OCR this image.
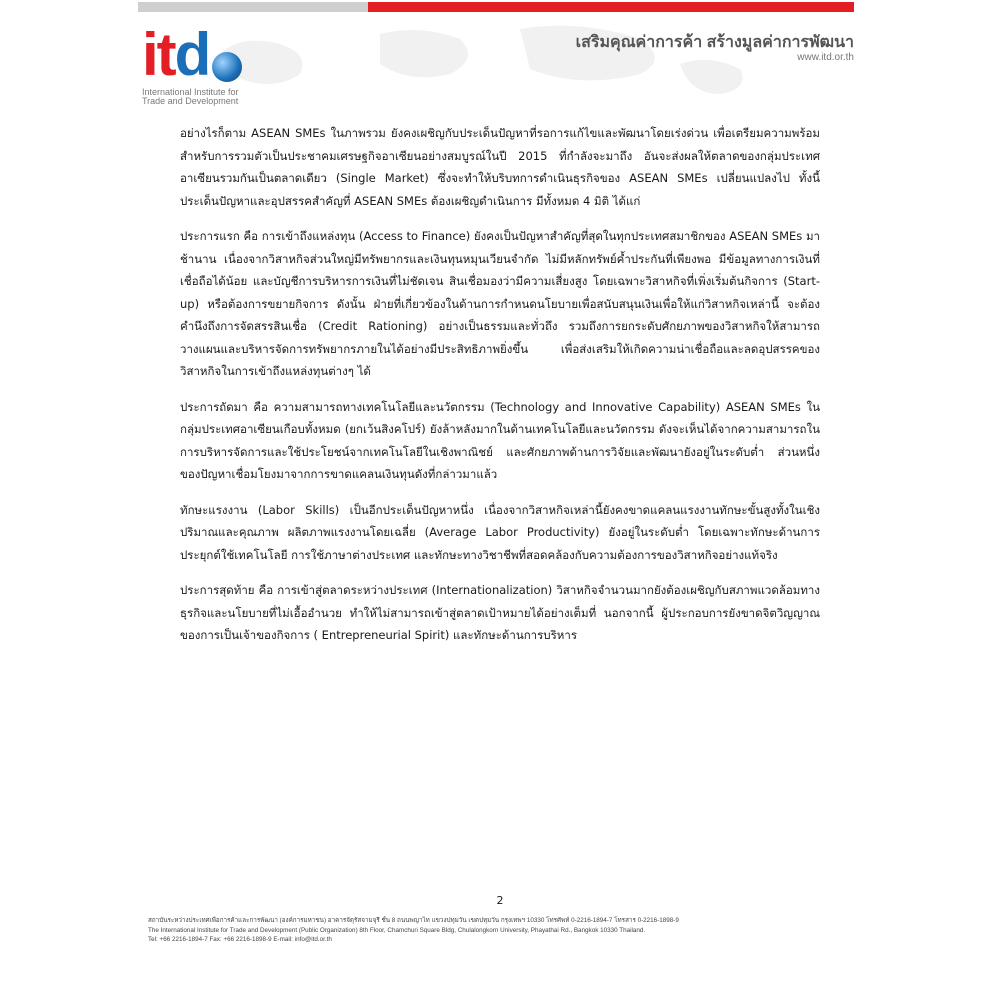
itd
International Institute for Trade and Development
เสริมคุณค่าการค้า สร้างมูลค่าการพัฒนา
www.itd.or.th

อย่างไรก็ตาม ASEAN SMEs ในภาพรวม ยังคงเผชิญกับประเด็นปัญหาที่รอการแก้ไขและพัฒนาโดยเร่งด่วน เพื่อเตรียมความพร้อมสำหรับการรวมตัวเป็นประชาคมเศรษฐกิจอาเซียนอย่างสมบูรณ์ในปี 2015 ที่กำลังจะมาถึง อันจะส่งผลให้ตลาดของกลุ่มประเทศอาเซียนรวมกันเป็นตลาดเดียว (Single Market) ซึ่งจะทำให้บริบทการดำเนินธุรกิจของ ASEAN SMEs เปลี่ยนแปลงไป ทั้งนี้ ประเด็นปัญหาและอุปสรรคสำคัญที่ ASEAN SMEs ต้องเผชิญดำเนินการ มีทั้งหมด 4 มิติ ได้แก่

ประการแรก คือ การเข้าถึงแหล่งทุน (Access to Finance) ยังคงเป็นปัญหาสำคัญที่สุดในทุกประเทศสมาชิกของ ASEAN SMEs มาช้านาน เนื่องจากวิสาหกิจส่วนใหญ่มีทรัพยากรและเงินทุนหมุนเวียนจำกัด ไม่มีหลักทรัพย์ค้ำประกันที่เพียงพอ มีข้อมูลทางการเงินที่เชื่อถือได้น้อย และบัญชีการบริหารการเงินที่ไม่ชัดเจน สินเชื่อมองว่ามีความเสี่ยงสูง โดยเฉพาะวิสาหกิจที่เพิ่งเริ่มต้นกิจการ (Start-up) หรือต้องการขยายกิจการ ดังนั้น ฝ่ายที่เกี่ยวข้องในด้านการกำหนดนโยบายเพื่อสนับสนุนเงินเพื่อให้แก่วิสาหกิจเหล่านี้ จะต้องคำนึงถึงการจัดสรรสินเชื่อ (Credit Rationing) อย่างเป็นธรรมและทั่วถึง รวมถึงการยกระดับศักยภาพของวิสาหกิจให้สามารถวางแผนและบริหารจัดการทรัพยากรภายในได้อย่างมีประสิทธิภาพยิ่งขึ้น เพื่อส่งเสริมให้เกิดความน่าเชื่อถือและลดอุปสรรคของวิสาหกิจในการเข้าถึงแหล่งทุนต่างๆ ได้

ประการถัดมา คือ ความสามารถทางเทคโนโลยีและนวัตกรรม (Technology and Innovative Capability) ASEAN SMEs ในกลุ่มประเทศอาเซียนเกือบทั้งหมด (ยกเว้นสิงคโปร์) ยังล้าหลังมากในด้านเทคโนโลยีและนวัตกรรม ดังจะเห็นได้จากความสามารถในการบริหารจัดการและใช้ประโยชน์จากเทคโนโลยีในเชิงพาณิชย์ และศักยภาพด้านการวิจัยและพัฒนายังอยู่ในระดับต่ำ ส่วนหนึ่งของปัญหาเชื่อมโยงมาจากการขาดแคลนเงินทุนดังที่กล่าวมาแล้ว

ทักษะแรงงาน (Labor Skills) เป็นอีกประเด็นปัญหาหนึ่ง เนื่องจากวิสาหกิจเหล่านี้ยังคงขาดแคลนแรงงานทักษะขั้นสูงทั้งในเชิงปริมาณและคุณภาพ ผลิตภาพแรงงานโดยเฉลี่ย (Average Labor Productivity) ยังอยู่ในระดับต่ำ โดยเฉพาะทักษะด้านการประยุกต์ใช้เทคโนโลยี การใช้ภาษาต่างประเทศ และทักษะทางวิชาชีพที่สอดคล้องกับความต้องการของวิสาหกิจอย่างแท้จริง

ประการสุดท้าย คือ การเข้าสู่ตลาดระหว่างประเทศ (Internationalization) วิสาหกิจจำนวนมากยังต้องเผชิญกับสภาพแวดล้อมทางธุรกิจและนโยบายที่ไม่เอื้ออำนวย ทำให้ไม่สามารถเข้าสู่ตลาดเป้าหมายได้อย่างเต็มที่ นอกจากนี้ ผู้ประกอบการยังขาดจิตวิญญาณของการเป็นเจ้าของกิจการ ( Entrepreneurial Spirit) และทักษะด้านการบริหาร

2
สถาบันระหว่างประเทศเพื่อการค้าและการพัฒนา (องค์การมหาชน) อาคารจัตุรัสจามจุรี ชั้น 8 ถนนพญาไท แขวงปทุมวัน เขตปทุมวัน กรุงเทพฯ 10330 โทรศัพท์ 0-2216-1894-7 โทรสาร 0-2216-1898-9
The International Institute for Trade and Development (Public Organization) 8th Floor, Chamchuri Square Bldg, Chulalongkorn University, Phayathai Rd., Bangkok 10330 Thailand.
Tel: +66 2216-1894-7 Fax: +66 2216-1898-9 E-mail: info@itd.or.th
